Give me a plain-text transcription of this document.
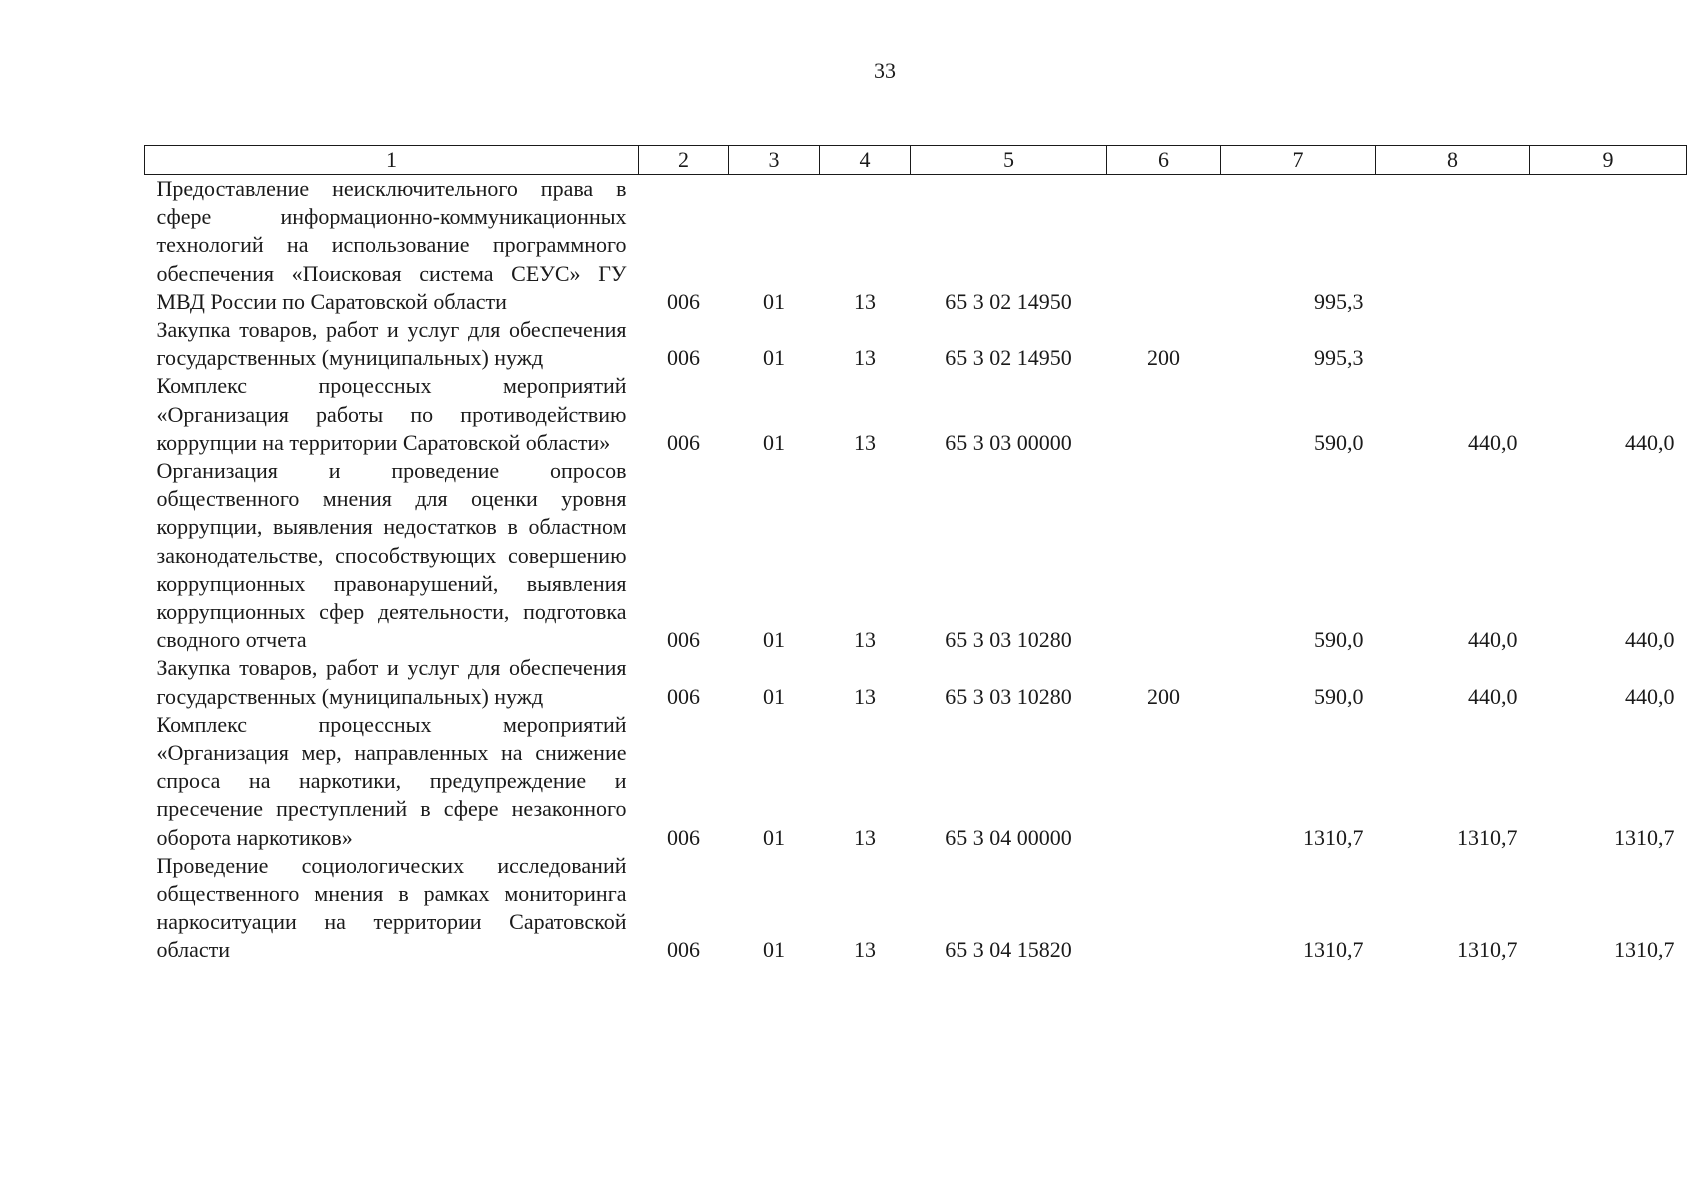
33
1	2	3	4	5	6	7	8	9
Предоставление неисключительного права в сфере информационно-коммуникационных технологий на использование программного обеспечения «Поисковая система СЕУС» ГУ МВД России по Саратовской области	006	01	13	65 3 02 14950		995,3		
Закупка товаров, работ и услуг для обеспечения государственных (муниципальных) нужд	006	01	13	65 3 02 14950	200	995,3		
Комплекс процессных мероприятий «Организация работы по противодействию коррупции на территории Саратовской области»	006	01	13	65 3 03 00000		590,0	440,0	440,0
Организация и проведение опросов общественного мнения для оценки уровня коррупции, выявления недостатков в областном законодательстве, способствующих совершению коррупционных правонарушений, выявления коррупционных сфер деятельности, подготовка сводного отчета	006	01	13	65 3 03 10280		590,0	440,0	440,0
Закупка товаров, работ и услуг для обеспечения государственных (муниципальных) нужд	006	01	13	65 3 03 10280	200	590,0	440,0	440,0
Комплекс процессных мероприятий «Организация мер, направленных на снижение спроса на наркотики, предупреждение и пресечение преступлений в сфере незаконного оборота наркотиков»	006	01	13	65 3 04 00000		1310,7	1310,7	1310,7
Проведение социологических исследований общественного мнения в рамках мониторинга наркоситуации на территории Саратовской области	006	01	13	65 3 04 15820		1310,7	1310,7	1310,7
